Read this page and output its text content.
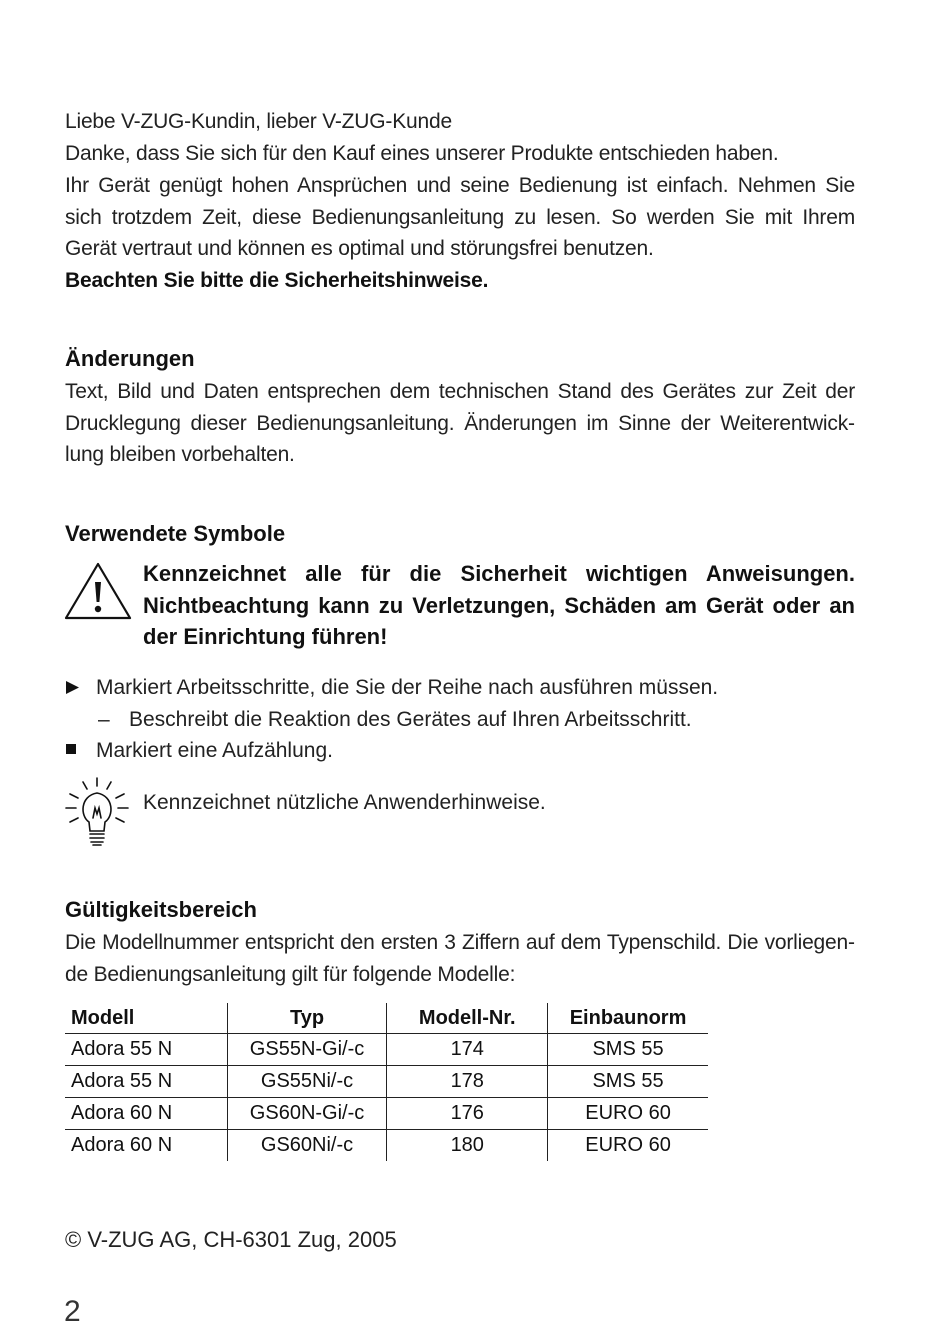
Liebe V-ZUG-Kundin, lieber V-ZUG-Kunde

Danke, dass Sie sich für den Kauf eines unserer Produkte entschieden haben.

Ihr Gerät genügt hohen Ansprüchen und seine Bedienung ist einfach. Nehmen Sie sich trotzdem Zeit, diese Bedienungsanleitung zu lesen. So werden Sie mit Ihrem Gerät vertraut und können es optimal und störungsfrei benutzen.

Beachten Sie bitte die Sicherheitshinweise.

Änderungen

Text, Bild und Daten entsprechen dem technischen Stand des Gerätes zur Zeit der Drucklegung dieser Bedienungsanleitung. Änderungen im Sinne der Weiterentwicklung bleiben vorbehalten.

Verwendete Symbole

Kennzeichnet alle für die Sicherheit wichtigen Anweisungen. Nichtbeachtung kann zu Verletzungen, Schäden am Gerät oder an der Einrichtung führen!

Markiert Arbeitsschritte, die Sie der Reihe nach ausführen müssen.

– Beschreibt die Reaktion des Gerätes auf Ihren Arbeitsschritt.

Markiert eine Aufzählung.

Kennzeichnet nützliche Anwenderhinweise.

Gültigkeitsbereich

Die Modellnummer entspricht den ersten 3 Ziffern auf dem Typenschild. Die vorliegende Bedienungsanleitung gilt für folgende Modelle:

Modell	Typ	Modell-Nr.	Einbaunorm
Adora 55 N	GS55N-Gi/-c	174	SMS 55
Adora 55 N	GS55Ni/-c	178	SMS 55
Adora 60 N	GS60N-Gi/-c	176	EURO 60
Adora 60 N	GS60Ni/-c	180	EURO 60

© V-ZUG AG, CH-6301 Zug, 2005

2
